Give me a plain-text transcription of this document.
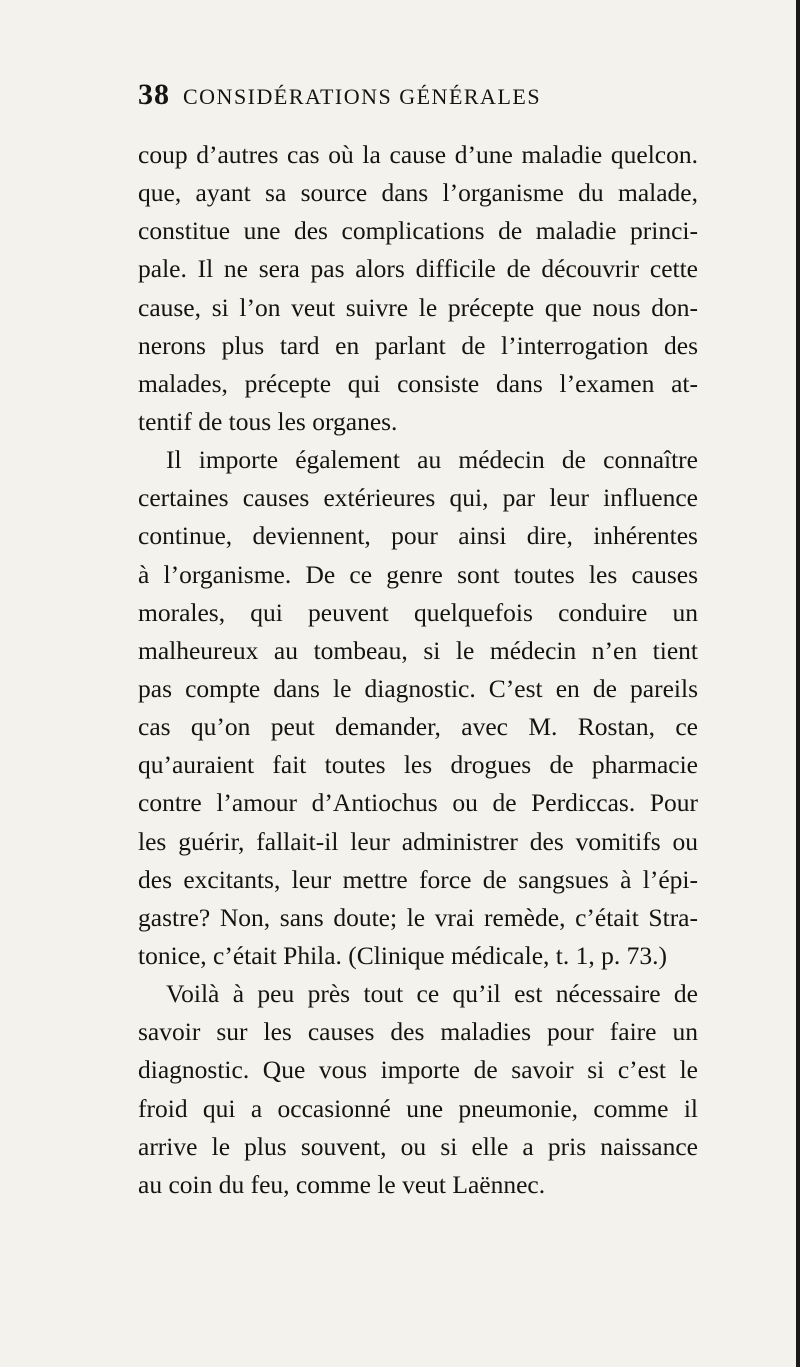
38 CONSIDÉRATIONS GÉNÉRALES
coup d’autres cas où la cause d’une maladie quelcon.
que, ayant sa source dans l’organisme du malade,
constitue une des complications de maladie princi-
pale. Il ne sera pas alors difficile de découvrir cette
cause, si l’on veut suivre le précepte que nous don-
nerons plus tard en parlant de l’interrogation des
malades, précepte qui consiste dans l’examen at-
tentif de tous les organes.
Il importe également au médecin de connaître
certaines causes extérieures qui, par leur influence
continue, deviennent, pour ainsi dire, inhérentes
à l’organisme. De ce genre sont toutes les causes
morales, qui peuvent quelquefois conduire un
malheureux au tombeau, si le médecin n’en tient
pas compte dans le diagnostic. C’est en de pareils
cas qu’on peut demander, avec M. Rostan, ce
qu’auraient fait toutes les drogues de pharmacie
contre l’amour d’Antiochus ou de Perdiccas. Pour
les guérir, fallait-il leur administrer des vomitifs ou
des excitants, leur mettre force de sangsues à l’épi-
gastre? Non, sans doute; le vrai remède, c’était Stra-
tonice, c’était Phila. (Clinique médicale, t. 1, p. 73.)
Voilà à peu près tout ce qu’il est nécessaire de
savoir sur les causes des maladies pour faire un
diagnostic. Que vous importe de savoir si c’est le
froid qui a occasionné une pneumonie, comme il
arrive le plus souvent, ou si elle a pris naissance
au coin du feu, comme le veut Laënnec.
